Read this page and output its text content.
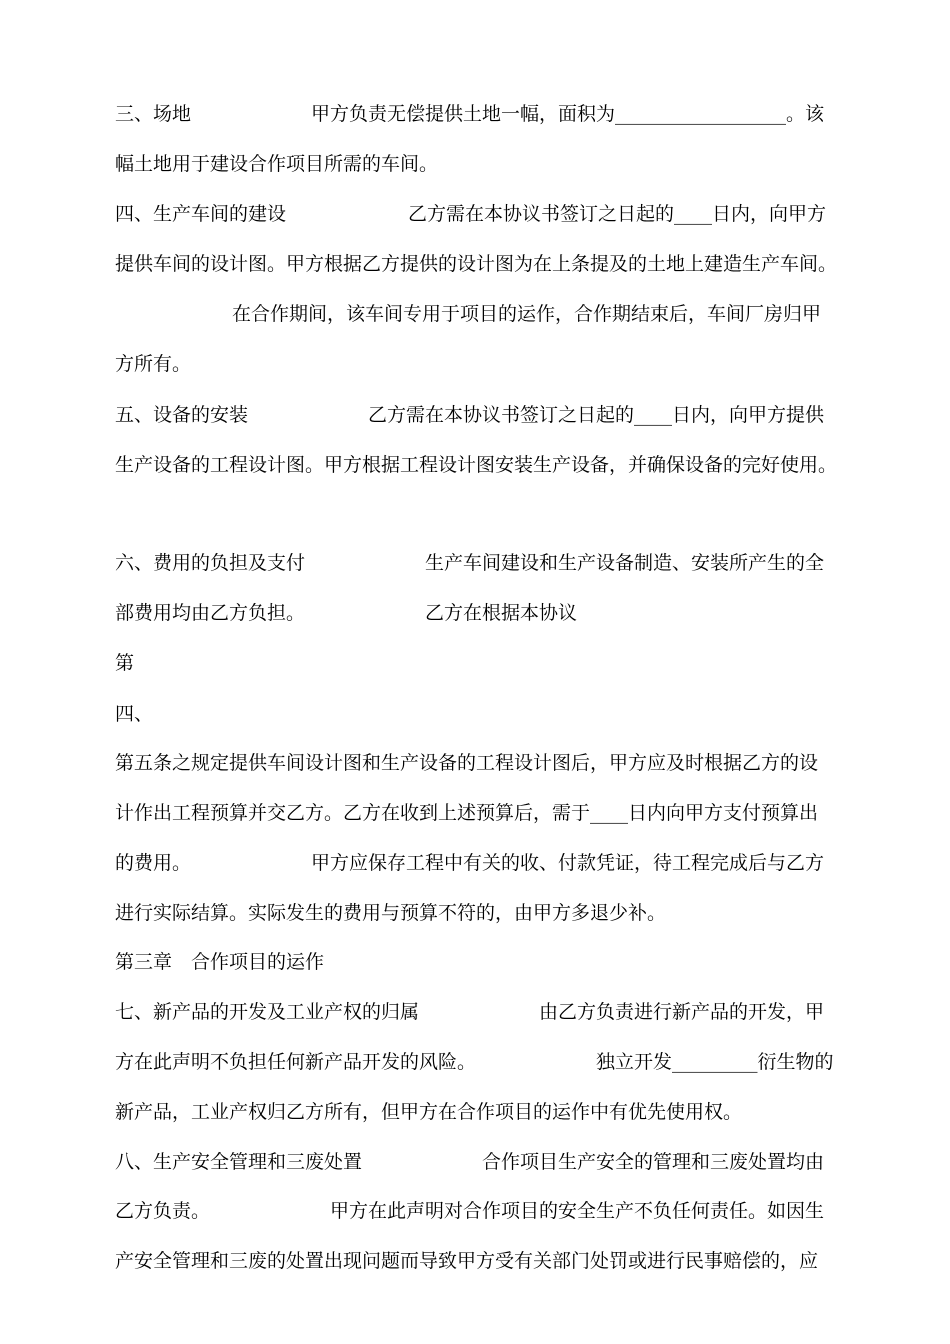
三、场地	甲方负责无偿提供土地一幅，面积为__________________。该
幅土地用于建设合作项目所需的车间。
四、生产车间的建设	乙方需在本协议书签订之日起的____日内，向甲方
提供车间的设计图。甲方根据乙方提供的设计图为在上条提及的土地上建造生产车间。
在合作期间，该车间专用于项目的运作，合作期结束后，车间厂房归甲
方所有。
五、设备的安装	乙方需在本协议书签订之日起的____日内，向甲方提供
生产设备的工程设计图。甲方根据工程设计图安装生产设备，并确保设备的完好使用。
六、费用的负担及支付	生产车间建设和生产设备制造、安装所产生的全
部费用均由乙方负担。	乙方在根据本协议
第
四、
第五条之规定提供车间设计图和生产设备的工程设计图后，甲方应及时根据乙方的设
计作出工程预算并交乙方。乙方在收到上述预算后，需于____日内向甲方支付预算出
的费用。	甲方应保存工程中有关的收、付款凭证，待工程完成后与乙方
进行实际结算。实际发生的费用与预算不符的，由甲方多退少补。
第三章　合作项目的运作
七、新产品的开发及工业产权的归属	由乙方负责进行新产品的开发，甲
方在此声明不负担任何新产品开发的风险。	独立开发_________衍生物的
新产品，工业产权归乙方所有，但甲方在合作项目的运作中有优先使用权。
八、生产安全管理和三废处置	合作项目生产安全的管理和三废处置均由
乙方负责。	甲方在此声明对合作项目的安全生产不负任何责任。如因生
产安全管理和三废的处置出现问题而导致甲方受有关部门处罚或进行民事赔偿的，应
